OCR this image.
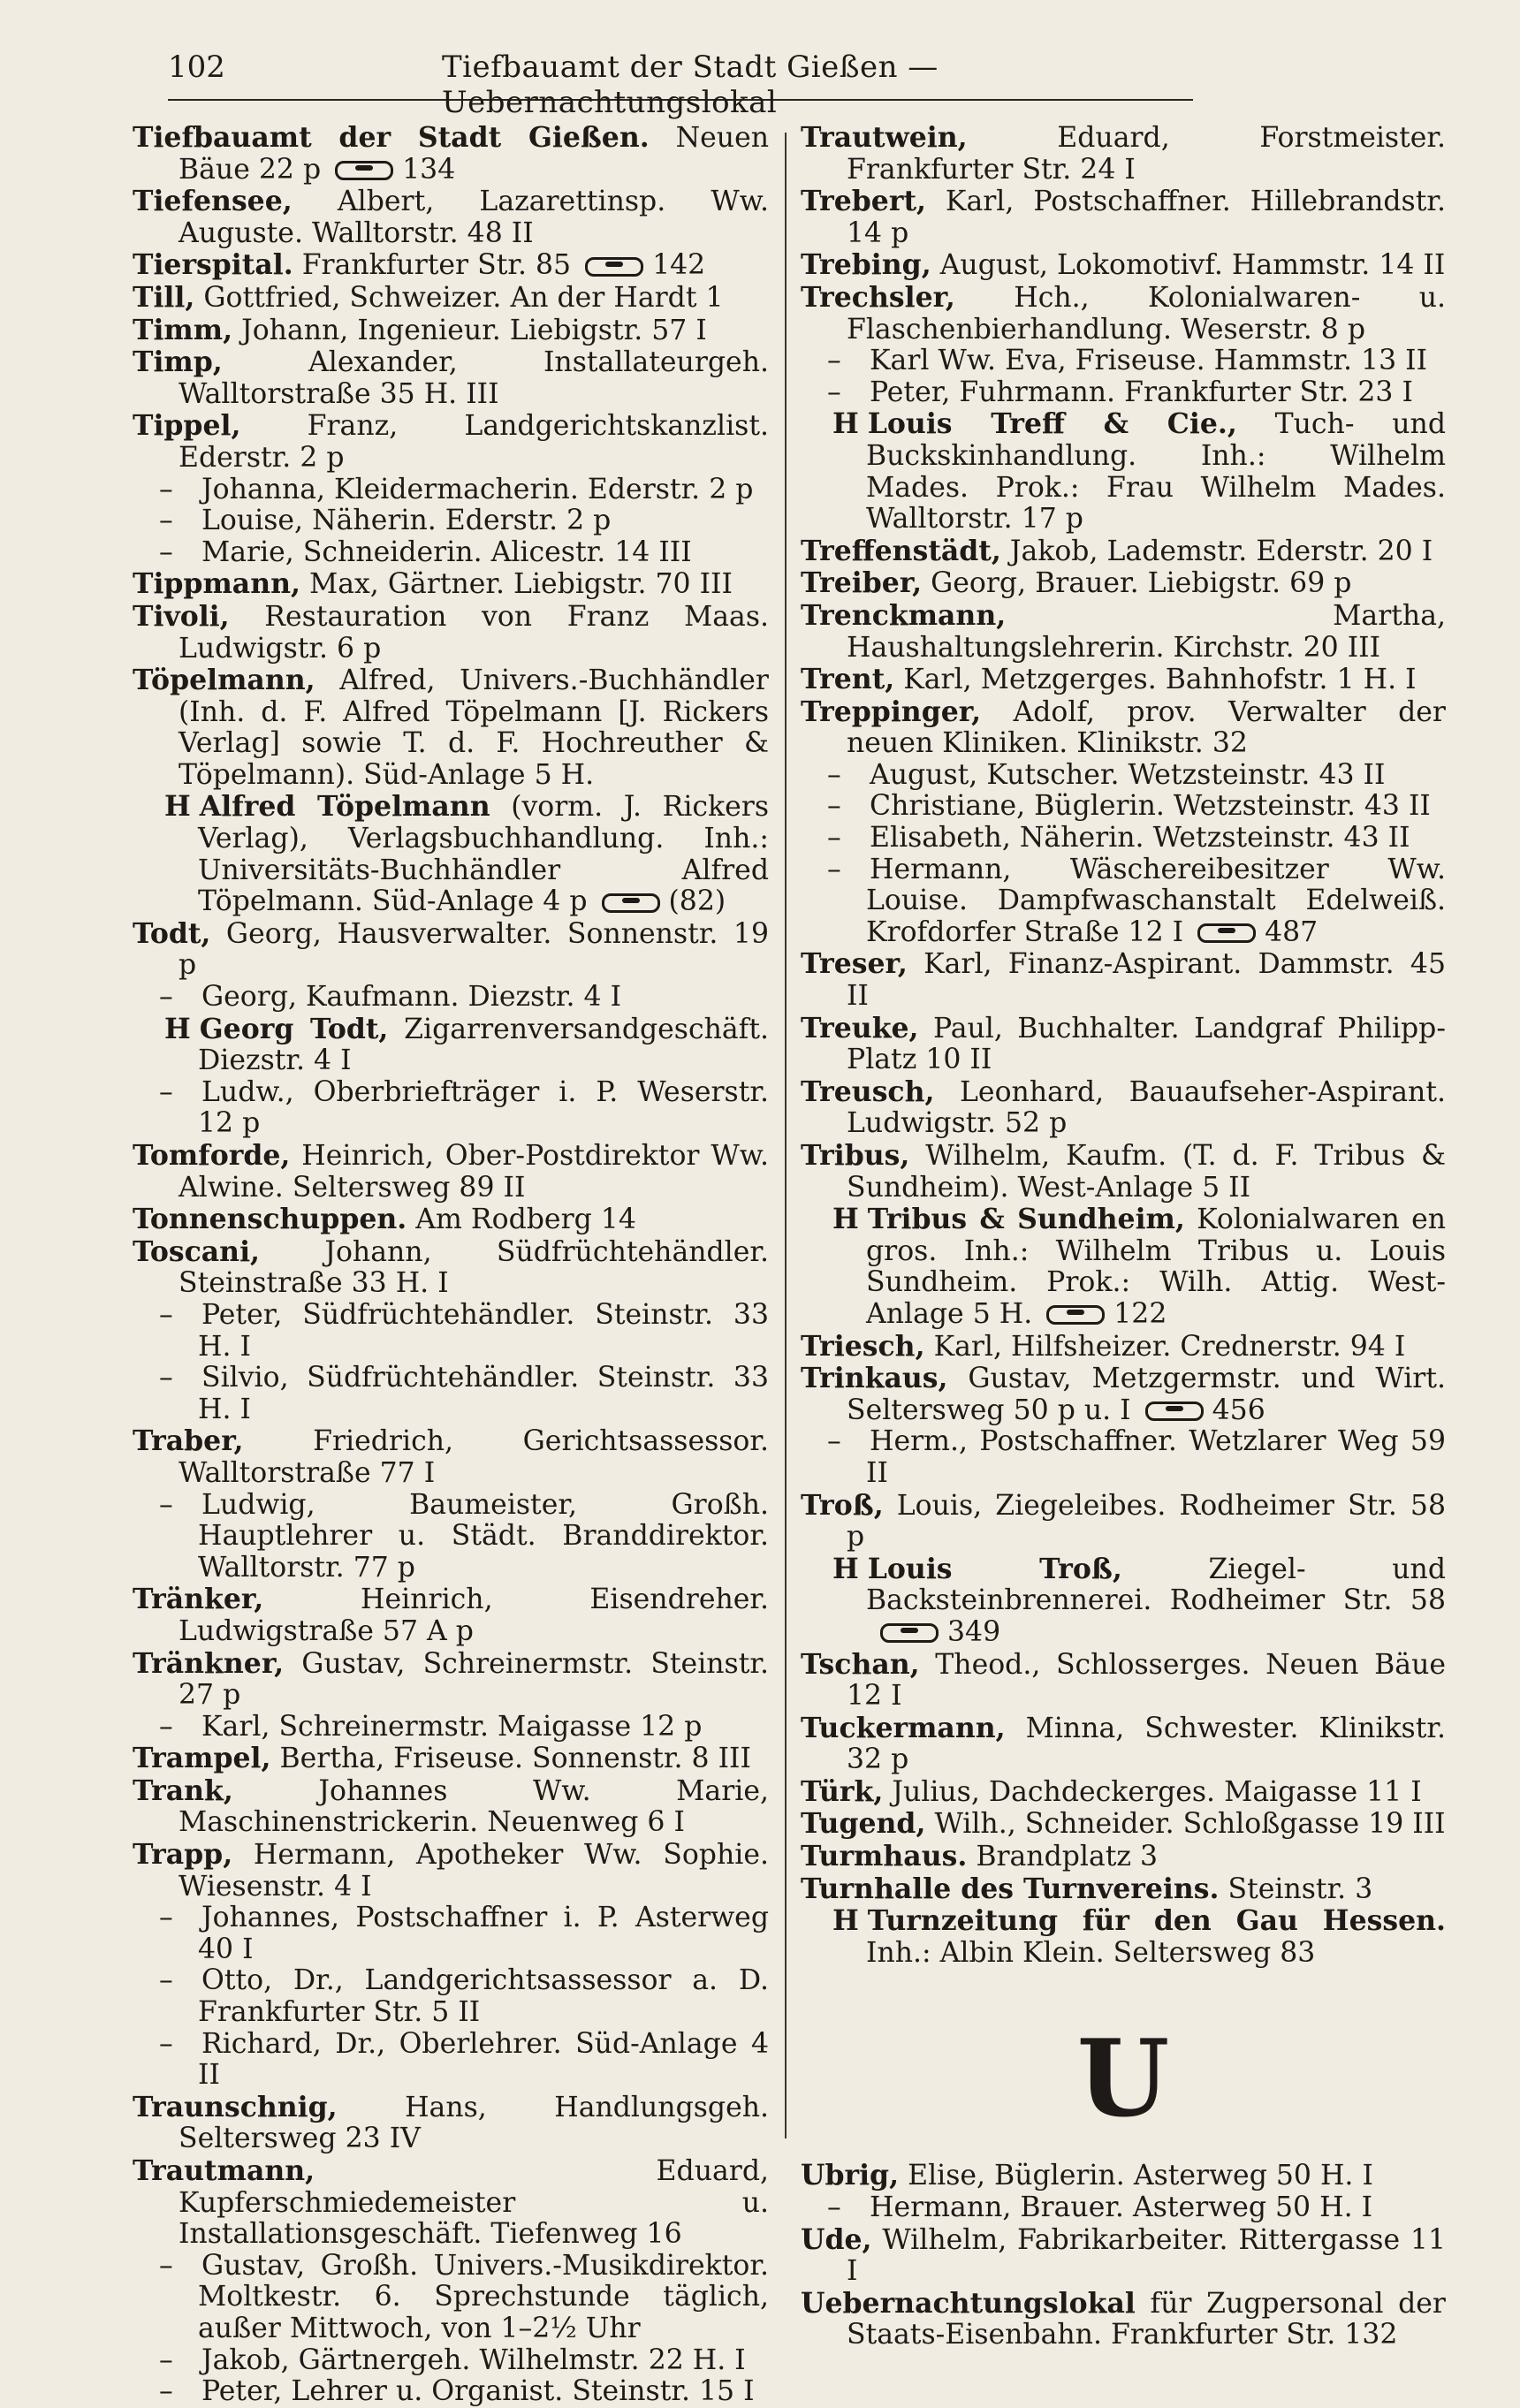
102	Tiefbauamt der Stadt Gießen — Uebernachtungslokal
Tiefbauamt der Stadt Gießen. Neuen Bäue 22 p	134
Tiefensee, Albert, Lazarettinsp. Ww. Auguste. Walltorstr. 48 II
Tierspital. Frankfurter Str. 85	142
Till, Gottfried, Schweizer. An der Hardt 1
Timm, Johann, Ingenieur. Liebigstr. 57 I
Timp,	Alexander, Installateurgeh. Walltorstraße 35 H. III
Tippel, Franz, Landgerichtskanzlist. Ederstr. 2 p
– Johanna, Kleidermacherin. Ederstr. 2 p
– Louise, Näherin. Ederstr. 2 p
– Marie, Schneiderin. Alicestr. 14 III
Tippmann, Max, Gärtner. Liebigstr. 70 III
Tivoli, Restauration von Franz Maas. Ludwigstr. 6 p
Töpelmann, Alfred, Univers.-Buchhändler (Inh. d. F. Alfred Töpelmann [J. Rickers Verlag] sowie T. d. F. Hochreuther & Töpelmann). Süd-Anlage 5 H.
H Alfred Töpelmann (vorm. J. Rickers Verlag), Verlagsbuchhandlung. Inh.: Universitäts-Buchhändler Alfred Töpelmann. Süd-Anlage 4 p	(82)
Todt, Georg, Hausverwalter. Sonnenstr. 19 p
– Georg, Kaufmann. Diezstr. 4 I
H Georg Todt, Zigarrenversandgeschäft. Diezstr. 4 I
– Ludw., Oberbriefträger i. P. Weserstr. 12 p
Tomforde, Heinrich, Ober-Postdirektor Ww. Alwine. Seltersweg 89 II
Tonnenschuppen. Am Rodberg 14
Toscani, Johann, Südfrüchtehändler. Steinstraße 33 H. I
– Peter, Südfrüchtehändler. Steinstr. 33 H. I
– Silvio, Südfrüchtehändler. Steinstr. 33 H. I
Traber, Friedrich, Gerichtsassessor. Walltorstraße 77 I
– Ludwig, Baumeister, Großh. Hauptlehrer u. Städt. Branddirektor. Walltorstr. 77 p
Tränker,	Heinrich, Eisendreher. Ludwigstraße 57 A p
Tränkner, Gustav, Schreinermstr. Steinstr. 27 p
– Karl, Schreinermstr. Maigasse 12 p
Trampel, Bertha, Friseuse. Sonnenstr. 8 III
Trank,	Johannes Ww. Marie, Maschinenstrickerin. Neuenweg 6 I
Trapp, Hermann, Apotheker Ww. Sophie. Wiesenstr. 4 I
– Johannes, Postschaffner i. P. Asterweg 40 I
– Otto, Dr., Landgerichtsassessor a. D. Frankfurter Str. 5 II
– Richard, Dr., Oberlehrer. Süd-Anlage 4 II
Traunschnig, Hans, Handlungsgeh. Seltersweg 23 IV
Trautmann,	Eduard, Kupferschmiedemeister u. Installationsgeschäft. Tiefenweg 16
– Gustav, Großh. Univers.-Musikdirektor. Moltkestr. 6. Sprechstunde täglich, außer Mittwoch, von 1–2½ Uhr
– Jakob, Gärtnergeh. Wilhelmstr. 22 H. I
– Peter, Lehrer u. Organist. Steinstr. 15 I
Trautwein,	Eduard, Forstmeister. Frankfurter Str. 24 I
Trebert, Karl, Postschaffner. Hillebrandstr. 14 p
Trebing, August, Lokomotivf. Hammstr. 14 II
Trechsler, Hch., Kolonialwaren- u. Flaschenbierhandlung. Weserstr. 8 p
– Karl Ww. Eva, Friseuse. Hammstr. 13 II
– Peter, Fuhrmann. Frankfurter Str. 23 I
H Louis Treff & Cie., Tuch- und Buckskinhandlung. Inh.: Wilhelm Mades. Prok.: Frau Wilhelm Mades. Walltorstr. 17 p
Treffenstädt, Jakob, Lademstr. Ederstr. 20 I
Treiber, Georg, Brauer. Liebigstr. 69 p
Trenckmann,	Martha, Haushaltungslehrerin. Kirchstr. 20 III
Trent, Karl, Metzgerges. Bahnhofstr. 1 H. I
Treppinger, Adolf, prov. Verwalter der neuen Kliniken. Klinikstr. 32
– August, Kutscher. Wetzsteinstr. 43 II
– Christiane, Büglerin. Wetzsteinstr. 43 II
– Elisabeth, Näherin. Wetzsteinstr. 43 II
– Hermann, Wäschereibesitzer Ww. Louise. Dampfwaschanstalt Edelweiß. Krofdorfer Straße 12 I	487
Treser, Karl, Finanz-Aspirant. Dammstr. 45 II
Treuke, Paul, Buchhalter. Landgraf Philipp-Platz 10 II
Treusch, Leonhard, Bauaufseher-Aspirant. Ludwigstr. 52 p
Tribus, Wilhelm, Kaufm. (T. d. F. Tribus & Sundheim). West-Anlage 5 II
H Tribus & Sundheim, Kolonialwaren en gros. Inh.: Wilhelm Tribus u. Louis Sundheim. Prok.: Wilh. Attig. West-Anlage 5 H.	122
Triesch, Karl, Hilfsheizer. Crednerstr. 94 I
Trinkaus, Gustav, Metzgermstr. und Wirt. Seltersweg 50 p u. I	456
– Herm., Postschaffner. Wetzlarer Weg 59 II
Troß, Louis, Ziegeleibes. Rodheimer Str. 58 p
H Louis Troß,	Ziegel- und Backsteinbrennerei. Rodheimer Str. 58349
Tschan, Theod., Schlosserges. Neuen Bäue 12 I
Tuckermann, Minna, Schwester. Klinikstr. 32 p
Türk, Julius, Dachdeckerges. Maigasse 11 I
Tugend, Wilh., Schneider. Schloßgasse 19 III
Turmhaus. Brandplatz 3
Turnhalle des Turnvereins. Steinstr. 3
H Turnzeitung für den Gau Hessen. Inh.: Albin Klein. Seltersweg 83
U
Ubrig, Elise, Büglerin. Asterweg 50 H. I
– Hermann, Brauer. Asterweg 50 H. I
Ude, Wilhelm, Fabrikarbeiter. Rittergasse 11 I
Uebernachtungslokal für Zugpersonal der Staats-Eisenbahn. Frankfurter Str. 132
